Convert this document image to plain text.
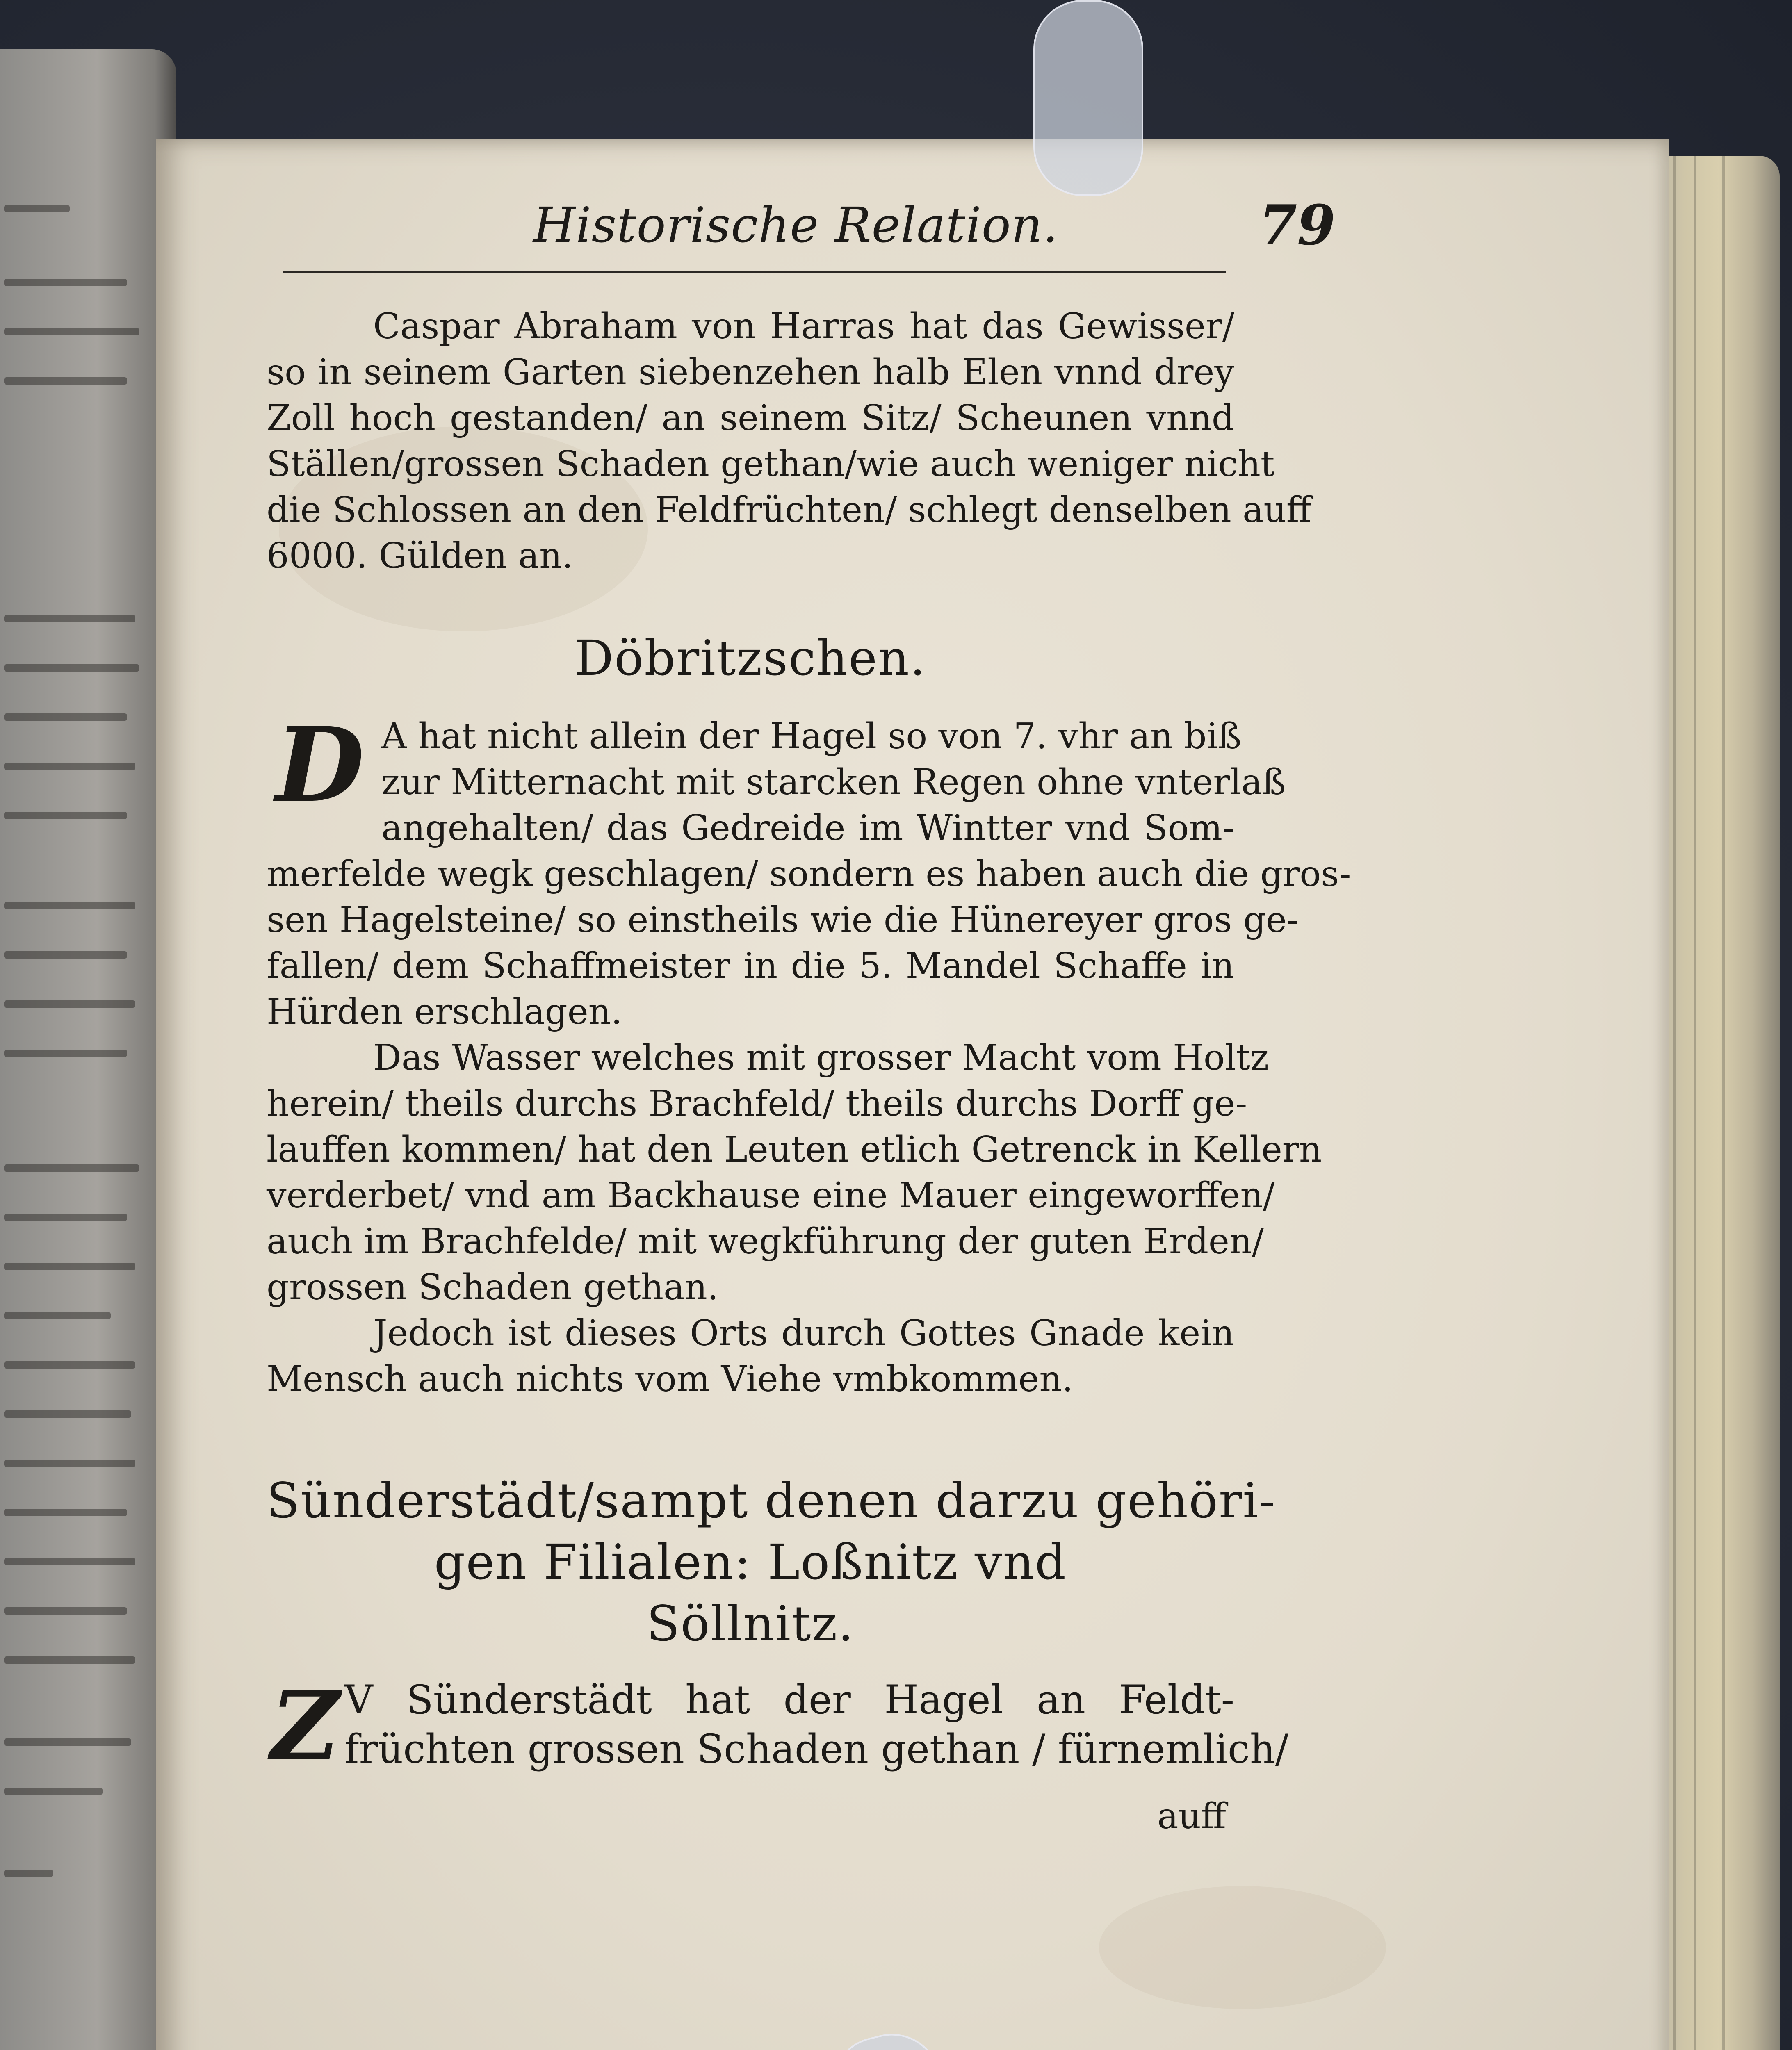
Historische Relation.	79
Caspar Abraham von Harras hat das Gewisser/
so in seinem Garten siebenzehen halb Elen vnnd drey
Zoll hoch gestanden/ an seinem Sitz/ Scheunen vnnd
Ställen/grossen Schaden gethan/wie auch weniger nicht
die Schlossen an den Feldfrüchten/ schlegt denselben auff
6000. Gülden an.
Döbritzschen.
D A hat nicht allein der Hagel so von 7. vhr an biß
zur Mitternacht mit starcken Regen ohne vnterlaß
angehalten/ das Gedreide im Wintter vnd Som-
merfelde wegk geschlagen/ sondern es haben auch die gros-
sen Hagelsteine/ so einstheils wie die Hünereyer gros ge-
fallen/ dem Schaffmeister in die 5. Mandel Schaffe in
Hürden erschlagen.
Das Wasser welches mit grosser Macht vom Holtz
herein/ theils durchs Brachfeld/ theils durchs Dorff ge-
lauffen kommen/ hat den Leuten etlich Getrenck in Kellern
verderbet/ vnd am Backhause eine Mauer eingeworffen/
auch im Brachfelde/ mit wegkführung der guten Erden/
grossen Schaden gethan.
Jedoch ist dieses Orts durch Gottes Gnade kein
Mensch auch nichts vom Viehe vmbkommen.
Sünderstädt/sampt denen darzu gehöri-
gen Filialen: Loßnitz vnd
Söllnitz.
Z V Sünderstädt hat der Hagel an Feldt-
früchten grossen Schaden gethan / fürnemlich/
auff
